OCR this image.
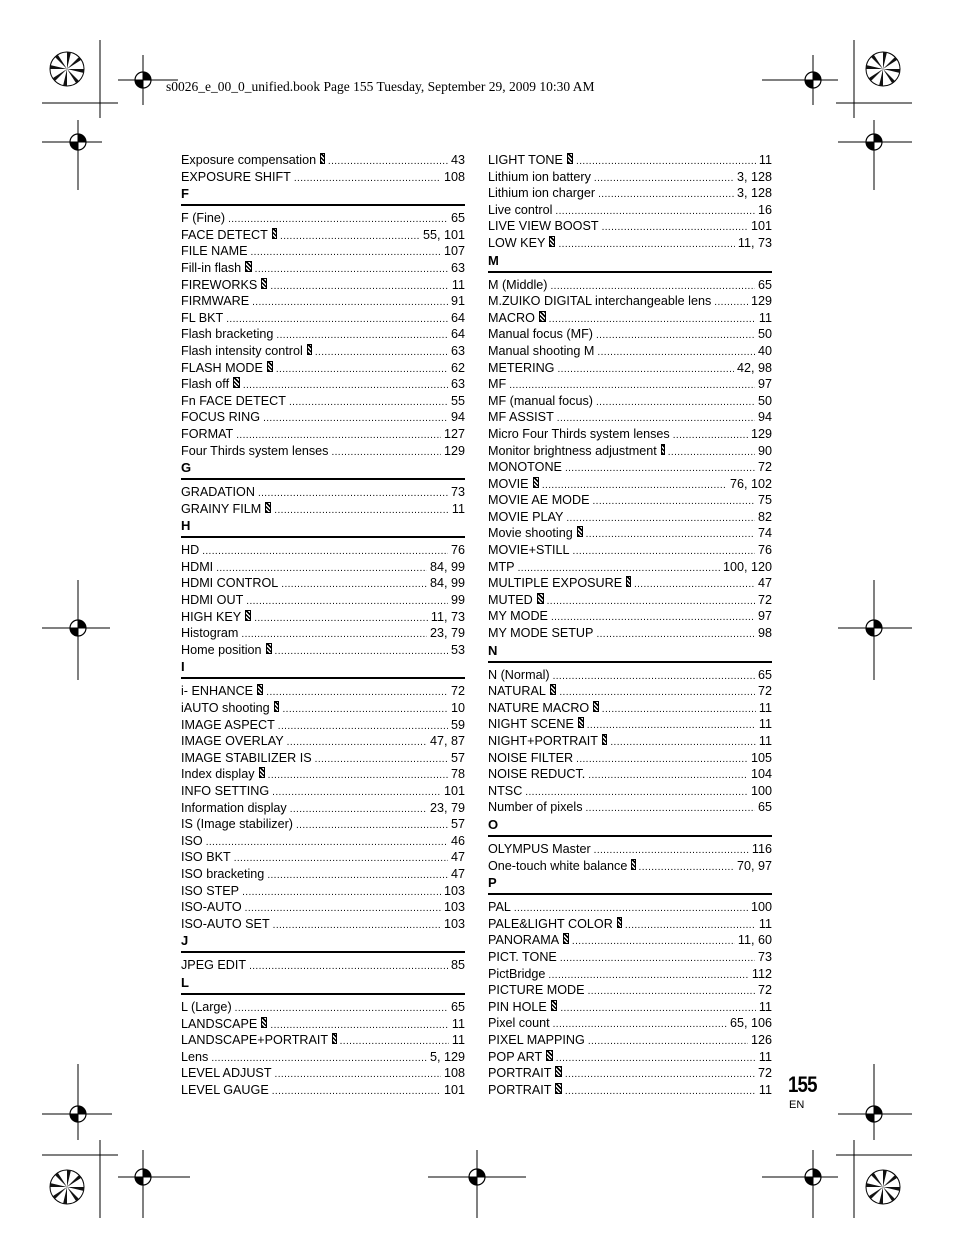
s0026_e_00_0_unified.book Page 155 Tuesday, September 29, 2009 10:30 AM
Exposure compensation .....	43
EXPOSURE SHIFT .....	108
F
F (Fine) .....	65
FACE DETECT .....	55, 101
FILE NAME .....	107
Fill-in flash .....	63
FIREWORKS .....	11
FIRMWARE .....	91
FL BKT .....	64
Flash bracketing .....	64
Flash intensity control .....	63
FLASH MODE .....	62
Flash off .....	63
Fn FACE DETECT .....	55
FOCUS RING .....	94
FORMAT .....	127
Four Thirds system lenses .....	129
G
GRADATION .....	73
GRAINY FILM .....	11
H
HD .....	76
HDMI .....	84, 99
HDMI CONTROL .....	84, 99
HDMI OUT .....	99
HIGH KEY .....	11, 73
Histogram .....	23, 79
Home position .....	53
I
i- ENHANCE .....	72
iAUTO shooting .....	10
IMAGE ASPECT .....	59
IMAGE OVERLAY .....	47, 87
IMAGE STABILIZER IS .....	57
Index display .....	78
INFO SETTING .....	101
Information display .....	23, 79
IS (Image stabilizer) .....	57
ISO .....	46
ISO BKT .....	47
ISO bracketing .....	47
ISO STEP .....	103
ISO-AUTO .....	103
ISO-AUTO SET .....	103
J
JPEG EDIT .....	85
L
L (Large) .....	65
LANDSCAPE .....	11
LANDSCAPE+PORTRAIT .....	11
Lens .....	5, 129
LEVEL ADJUST .....	108
LEVEL GAUGE .....	101
LIGHT TONE .....	11
Lithium ion battery .....	3, 128
Lithium ion charger .....	3, 128
Live control .....	16
LIVE VIEW BOOST .....	101
LOW KEY .....	11, 73
M
M (Middle) .....	65
M.ZUIKO DIGITAL interchangeable lens .....	129
MACRO .....	11
Manual focus (MF) .....	50
Manual shooting M .....	40
METERING .....	42, 98
MF .....	97
MF (manual focus) .....	50
MF ASSIST .....	94
Micro Four Thirds system lenses .....	129
Monitor brightness adjustment .....	90
MONOTONE .....	72
MOVIE .....	76, 102
MOVIE AE MODE .....	75
MOVIE PLAY .....	82
Movie shooting .....	74
MOVIE+STILL .....	76
MTP .....	100, 120
MULTIPLE EXPOSURE .....	47
MUTED .....	72
MY MODE .....	97
MY MODE SETUP .....	98
N
N (Normal) .....	65
NATURAL .....	72
NATURE MACRO .....	11
NIGHT SCENE .....	11
NIGHT+PORTRAIT .....	11
NOISE FILTER .....	105
NOISE REDUCT. .....	104
NTSC .....	100
Number of pixels .....	65
O
OLYMPUS Master .....	116
One-touch white balance .....	70, 97
P
PAL .....	100
PALE&LIGHT COLOR .....	11
PANORAMA .....	11, 60
PICT. TONE .....	73
PictBridge .....	112
PICTURE MODE .....	72
PIN HOLE .....	11
Pixel count .....	65, 106
PIXEL MAPPING .....	126
POP ART .....	11
PORTRAIT .....	72
PORTRAIT .....	11 155
EN
